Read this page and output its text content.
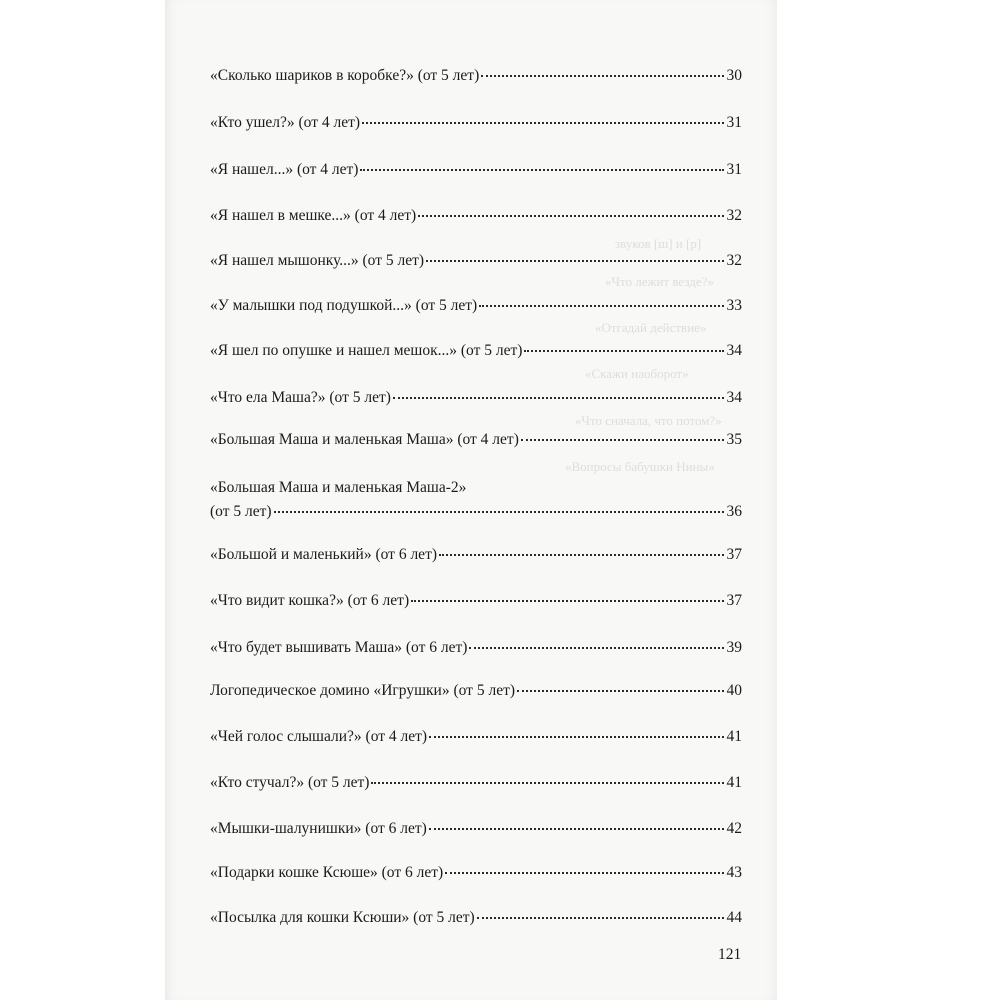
звуков [ш] и [р]
«Что лежит везде?»
«Отгадай действие»
«Скажи наоборот»
«Что сначала, что потом?»
«Вопросы бабушки Нины»
«Сколько шариков в коробке?» (от 5 лет)	30
«Кто ушел?» (от 4 лет)	31
«Я нашел...» (от 4 лет)	31
«Я нашел в мешке...» (от 4 лет)	32
«Я нашел мышонку...» (от 5 лет)	32
«У малышки под подушкой...» (от 5 лет)	33
«Я шел по опушке и нашел мешок...» (от 5 лет)	34
«Что ела Маша?» (от 5 лет)	34
«Большая Маша и маленькая Маша» (от 4 лет)	35
«Большая Маша и маленькая Маша-2»
(от 5 лет)	36
«Большой и маленький» (от 6 лет)	37
«Что видит кошка?» (от 6 лет)	37
«Что будет вышивать Маша» (от 6 лет)	39
Логопедическое домино «Игрушки» (от 5 лет)	40
«Чей голос слышали?» (от 4 лет)	41
«Кто стучал?» (от 5 лет)	41
«Мышки-шалунишки» (от 6 лет)	42
«Подарки кошке Ксюше» (от 6 лет)	43
«Посылка для кошки Ксюши» (от 5 лет)	44
121
